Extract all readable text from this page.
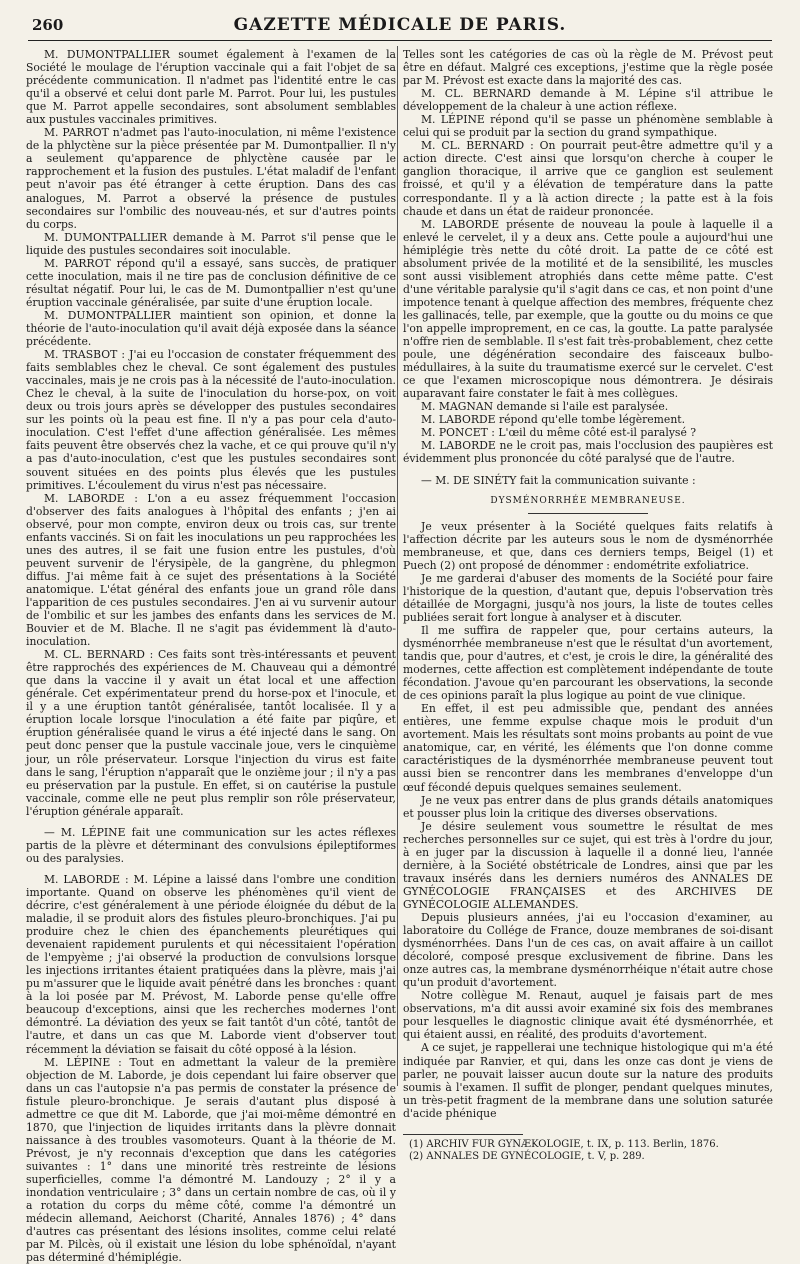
260	GAZETTE MÉDICALE DE PARIS.

M. DUMONTPALLIER soumet également à l'examen de la Société le moulage de l'éruption vaccinale qui a fait l'objet de sa précédente communication. Il n'admet pas l'identité entre le cas qu'il a observé et celui dont parle M. Parrot. Pour lui, les pustules que M. Parrot appelle secondaires, sont absolument semblables aux pustules vaccinales primitives.

M. PARROT n'admet pas l'auto-inoculation, ni même l'existence de la phlyctène sur la pièce présentée par M. Dumontpallier. Il n'y a seulement qu'apparence de phlyctène causée par le rapprochement et la fusion des pustules. L'état maladif de l'enfant peut n'avoir pas été étranger à cette éruption. Dans des cas analogues, M. Parrot a observé la présence de pustules secondaires sur l'ombilic des nouveau-nés, et sur d'autres points du corps.

M. DUMONTPALLIER demande à M. Parrot s'il pense que le liquide des pustules secondaires soit inoculable.

M. PARROT répond qu'il a essayé, sans succès, de pratiquer cette inoculation, mais il ne tire pas de conclusion définitive de ce résultat négatif. Pour lui, le cas de M. Dumontpallier n'est qu'une éruption vaccinale généralisée, par suite d'une éruption locale.

M. DUMONTPALLIER maintient son opinion, et donne la théorie de l'auto-inoculation qu'il avait déjà exposée dans la séance précédente.

M. TRASBOT : J'ai eu l'occasion de constater fréquemment des faits semblables chez le cheval. Ce sont également des pustules vaccinales, mais je ne crois pas à la nécessité de l'auto-inoculation. Chez le cheval, à la suite de l'inoculation du horse-pox, on voit deux ou trois jours après se développer des pustules secondaires sur les points où la peau est fine. Il n'y a pas pour cela d'auto-inoculation. C'est l'effet d'une affection généralisée. Les mêmes faits peuvent être observés chez la vache, et ce qui prouve qu'il n'y a pas d'auto-inoculation, c'est que les pustules secondaires sont souvent situées en des points plus élevés que les pustules primitives. L'écoulement du virus n'est pas nécessaire.

M. LABORDE : L'on a eu assez fréquemment l'occasion d'observer des faits analogues à l'hôpital des enfants ; j'en ai observé, pour mon compte, environ deux ou trois cas, sur trente enfants vaccinés. Si on fait les inoculations un peu rapprochées les unes des autres, il se fait une fusion entre les pustules, d'où peuvent survenir de l'érysipèle, de la gangrène, du phlegmon diffus. J'ai même fait à ce sujet des présentations à la Société anatomique. L'état général des enfants joue un grand rôle dans l'apparition de ces pustules secondaires. J'en ai vu survenir autour de l'ombilic et sur les jambes des enfants dans les services de M. Bouvier et de M. Blache. Il ne s'agit pas évidemment là d'auto-inoculation.

M. CL. BERNARD : Ces faits sont très-intéressants et peuvent être rapprochés des expériences de M. Chauveau qui a démontré que dans la vaccine il y avait un état local et une affection générale. Cet expérimentateur prend du horse-pox et l'inocule, et il y a une éruption tantôt généralisée, tantôt localisée. Il y a éruption locale lorsque l'inoculation a été faite par piqûre, et éruption généralisée quand le virus a été injecté dans le sang. On peut donc penser que la pustule vaccinale joue, vers le cinquième jour, un rôle préservateur. Lorsque l'injection du virus est faite dans le sang, l'éruption n'apparaît que le onzième jour ; il n'y a pas eu préservation par la pustule. En effet, si on cautérise la pustule vaccinale, comme elle ne peut plus remplir son rôle préservateur, l'éruption générale apparaît.

— M. LÉPINE fait une communication sur les actes réflexes partis de la plèvre et déterminant des convulsions épileptiformes ou des paralysies.

M. LABORDE : M. Lépine a laissé dans l'ombre une condition importante. Quand on observe les phénomènes qu'il vient de décrire, c'est généralement à une période éloignée du début de la maladie, il se produit alors des fistules pleuro-bronchiques. J'ai pu produire chez le chien des épanchements pleurétiques qui devenaient rapidement purulents et qui nécessitaient l'opération de l'empyème ; j'ai observé la production de convulsions lorsque les injections irritantes étaient pratiquées dans la plèvre, mais j'ai pu m'assurer que le liquide avait pénétré dans les bronches : quant à la loi posée par M. Prévost, M. Laborde pense qu'elle offre beaucoup d'exceptions, ainsi que les recherches modernes l'ont démontré. La déviation des yeux se fait tantôt d'un côté, tantôt de l'autre, et dans un cas que M. Laborde vient d'observer tout récemment la déviation se faisait du côté opposé à la lésion.

M. LÉPINE : Tout en admettant la valeur de la première objection de M. Laborde, je dois cependant lui faire observer que dans un cas l'autopsie n'a pas permis de constater la présence de fistule pleuro-bronchique. Je serais d'autant plus disposé à admettre ce que dit M. Laborde, que j'ai moi-même démontré en 1870, que l'injection de liquides irritants dans la plèvre donnait naissance à des troubles vasomoteurs. Quant à la théorie de M. Prévost, je n'y reconnais d'exception que dans les catégories suivantes : 1° dans une minorité très restreinte de lésions superficielles, comme l'a démontré M. Landouzy ; 2° il y a inondation ventriculaire ; 3° dans un certain nombre de cas, où il y a rotation du corps du même côté, comme l'a démontré un médecin allemand, Aeichorst (Charité, Annales 1876) ; 4° dans d'autres cas présentant des lésions insolites, comme celui relaté par M. Pilcès, où il existait une lésion du lobe sphénoïdal, n'ayant pas déterminé d'hémiplégie.

Telles sont les catégories de cas où la règle de M. Prévost peut être en défaut. Malgré ces exceptions, j'estime que la règle posée par M. Prévost est exacte dans la majorité des cas.

M. CL. BERNARD demande à M. Lépine s'il attribue le développement de la chaleur à une action réflexe.

M. LÉPINE répond qu'il se passe un phénomène semblable à celui qui se produit par la section du grand sympathique.

M. CL. BERNARD : On pourrait peut-être admettre qu'il y a action directe. C'est ainsi que lorsqu'on cherche à couper le ganglion thoracique, il arrive que ce ganglion est seulement froissé, et qu'il y a élévation de température dans la patte correspondante. Il y a là action directe ; la patte est à la fois chaude et dans un état de raideur prononcée.

M. LABORDE présente de nouveau la poule à laquelle il a enlevé le cervelet, il y a deux ans. Cette poule a aujourd'hui une hémiplégie très nette du côté droit. La patte de ce côté est absolument privée de la motilité et de la sensibilité, les muscles sont aussi visiblement atrophiés dans cette même patte. C'est d'une véritable paralysie qu'il s'agit dans ce cas, et non point d'une impotence tenant à quelque affection des membres, fréquente chez les gallinacés, telle, par exemple, que la goutte ou du moins ce que l'on appelle improprement, en ce cas, la goutte. La patte paralysée n'offre rien de semblable. Il s'est fait très-probablement, chez cette poule, une dégénération secondaire des faisceaux bulbo-médullaires, à la suite du traumatisme exercé sur le cervelet. C'est ce que l'examen microscopique nous démontrera. Je désirais auparavant faire constater le fait à mes collègues.

M. MAGNAN demande si l'aile est paralysée.

M. LABORDE répond qu'elle tombe légèrement.

M. PONCET : L'œil du même côté est-il paralysé ?

M. LABORDE ne le croit pas, mais l'occlusion des paupières est évidemment plus prononcée du côté paralysé que de l'autre.

— M. DE SINÉTY fait la communication suivante :

DYSMÉNORRHÉE MEMBRANEUSE.

Je veux présenter à la Société quelques faits relatifs à l'affection décrite par les auteurs sous le nom de dysménorrhée membraneuse, et que, dans ces derniers temps, Beigel (1) et Puech (2) ont proposé de dénommer : endométrite exfoliatrice.

Je me garderai d'abuser des moments de la Société pour faire l'historique de la question, d'autant que, depuis l'observation très détaillée de Morgagni, jusqu'à nos jours, la liste de toutes celles publiées serait fort longue à analyser et à discuter.

Il me suffira de rappeler que, pour certains auteurs, la dysménorrhée membraneuse n'est que le résultat d'un avortement, tandis que, pour d'autres, et c'est, je crois le dire, la généralité des modernes, cette affection est complètement indépendante de toute fécondation. J'avoue qu'en parcourant les observations, la seconde de ces opinions paraît la plus logique au point de vue clinique.

En effet, il est peu admissible que, pendant des années entières, une femme expulse chaque mois le produit d'un avortement. Mais les résultats sont moins probants au point de vue anatomique, car, en vérité, les éléments que l'on donne comme caractéristiques de la dysménorrhée membraneuse peuvent tout aussi bien se rencontrer dans les membranes d'enveloppe d'un œuf fécondé depuis quelques semaines seulement.

Je ne veux pas entrer dans de plus grands détails anatomiques et pousser plus loin la critique des diverses observations.

Je désire seulement vous soumettre le résultat de mes recherches personnelles sur ce sujet, qui est très à l'ordre du jour, à en juger par la discussion à laquelle il a donné lieu, l'année dernière, à la Société obstétricale de Londres, ainsi que par les travaux insérés dans les derniers numéros des ANNALES DE GYNÉCOLOGIE FRANÇAISES et des ARCHIVES DE GYNÉCOLOGIE ALLEMANDES.

Depuis plusieurs années, j'ai eu l'occasion d'examiner, au laboratoire du Collége de France, douze membranes de soi-disant dysménorrhées. Dans l'un de ces cas, on avait affaire à un caillot décoloré, composé presque exclusivement de fibrine. Dans les onze autres cas, la membrane dysménorrhéique n'était autre chose qu'un produit d'avortement.

Notre collègue M. Renaut, auquel je faisais part de mes observations, m'a dit aussi avoir examiné six fois des membranes pour lesquelles le diagnostic clinique avait été dysménorrhée, et qui étaient aussi, en réalité, des produits d'avortement.

A ce sujet, je rappellerai une technique histologique qui m'a été indiquée par Ranvier, et qui, dans les onze cas dont je viens de parler, ne pouvait laisser aucun doute sur la nature des produits soumis à l'examen. Il suffit de plonger, pendant quelques minutes, un très-petit fragment de la membrane dans une solution saturée d'acide phénique

(1) ARCHIV FUR GYNÆKOLOGIE, t. IX, p. 113. Berlin, 1876.

(2) ANNALES DE GYNÉCOLOGIE, t. V, p. 289.
